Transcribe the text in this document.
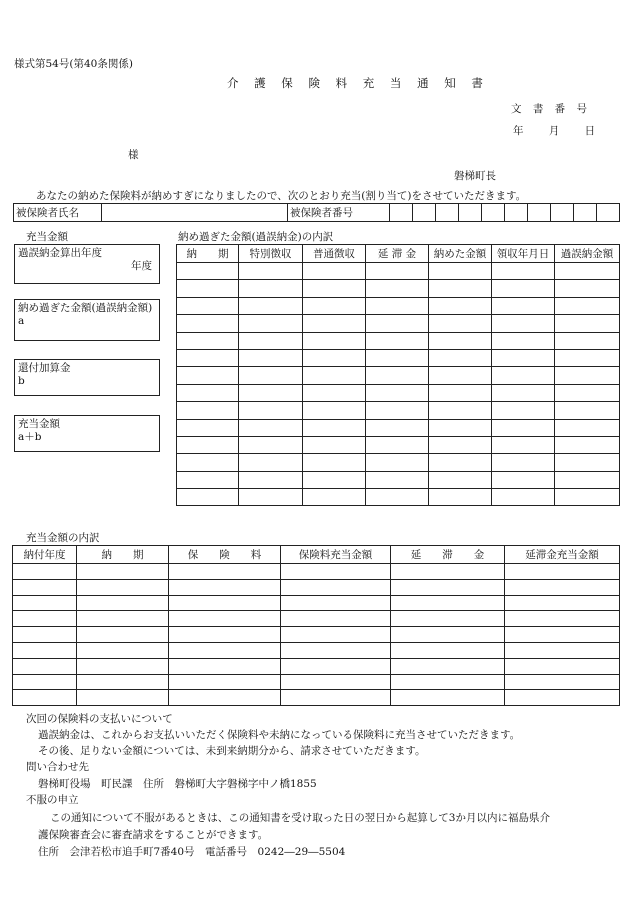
様式第54号(第40条関係)
介 護 保 険 料 充 当 通 知 書
文 書 番 号
年 月 日
様
磐梯町長
あなたの納めた保険料が納めすぎになりましたので、次のとおり充当(割り当て)をさせていただきます。
被保険者氏名		被保険者番号										
充当金額
過誤納金算出年度
年度
納め過ぎた金額(過誤納金額)
a
還付加算金
b
充当金額
a＋b
納め過ぎた金額(過誤納金)の内訳
納　　期	特別徴収	普通徴収	延 滞 金	納めた金額	領収年月日	過誤納金額

充当金額の内訳
納付年度	納　　期	保　　険　　料	保険料充当金額	延　　滞　　金	延滞金充当金額

次回の保険料の支払いについて
過誤納金は、これからお支払いいただく保険料や未納になっている保険料に充当させていただきます。
その後、足りない金額については、未到来納期分から、請求させていただきます。
問い合わせ先
磐梯町役場　町民課　住所　磐梯町大字磐梯字中ノ橋1855
不服の申立
この通知について不服があるときは、この通知書を受け取った日の翌日から起算して3か月以内に福島県介
護保険審査会に審査請求をすることができます。
住所　会津若松市追手町7番40号　電話番号　0242―29―5504
